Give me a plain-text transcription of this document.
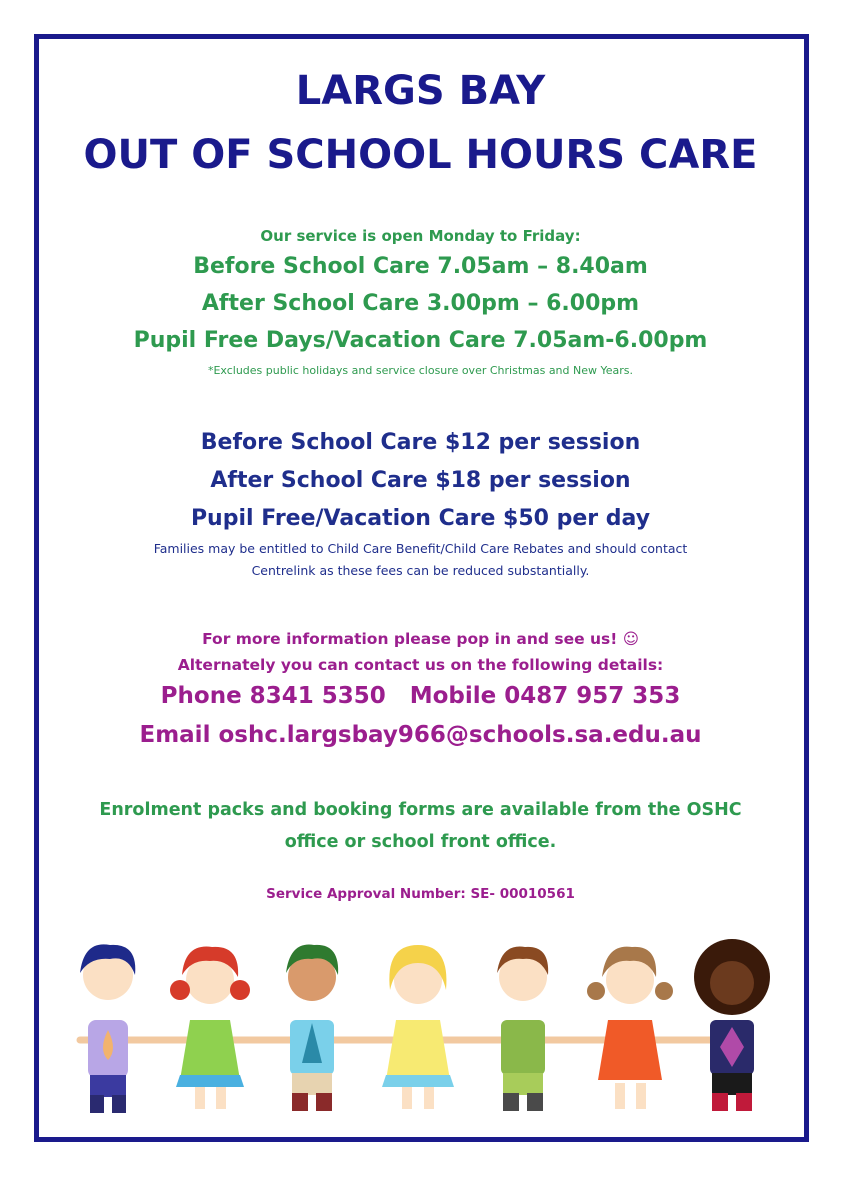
LARGS BAY
OUT OF SCHOOL HOURS CARE
Our service is open Monday to Friday:
Before School Care 7.05am – 8.40am
After School Care 3.00pm – 6.00pm
Pupil Free Days/Vacation Care 7.05am-6.00pm
*Excludes public holidays and service closure over Christmas and New Years.
Before School Care $12 per session
After School Care $18 per session
Pupil Free/Vacation Care $50 per day
Families may be entitled to Child Care Benefit/Child Care Rebates and should contact
Centrelink as these fees can be reduced substantially.
For more information please pop in and see us! ☺
Alternately you can contact us on the following details:
Phone 8341 5350   Mobile 0487 957 353
Email oshc.largsbay966@schools.sa.edu.au
Enrolment packs and booking forms are available from the OSHC
office or school front office.
Service Approval Number: SE- 00010561
